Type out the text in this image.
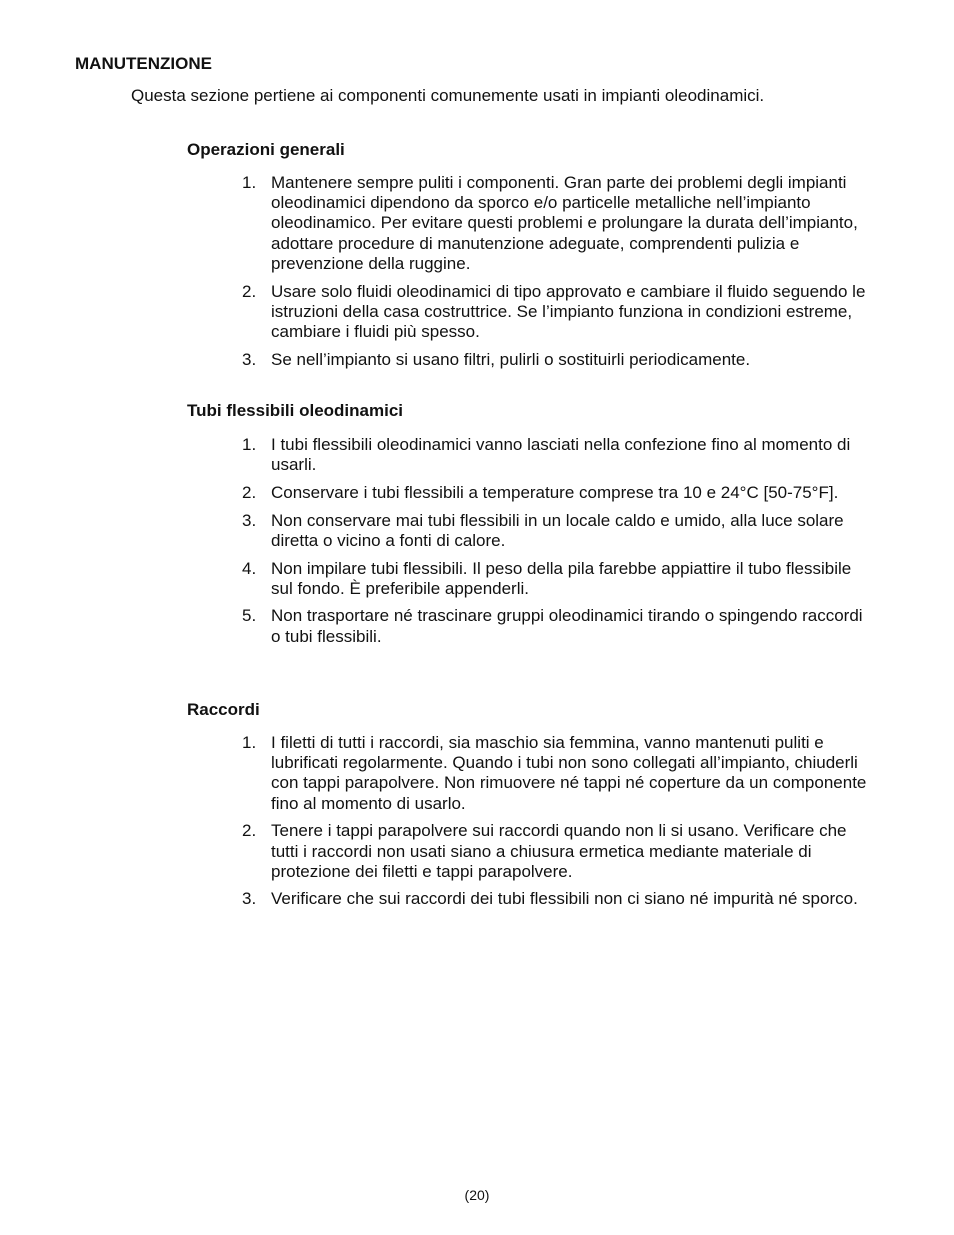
MANUTENZIONE

Questa sezione pertiene ai componenti comunemente usati in impianti oleodinamici.

Operazioni generali
1. Mantenere sempre puliti i componenti. Gran parte dei problemi degli impianti oleodinamici dipendono da sporco e/o particelle metalliche nell’impianto oleodinamico. Per evitare questi problemi e prolungare la durata dell’impianto, adottare procedure di manutenzione adeguate, comprendenti pulizia e prevenzione della ruggine.
2. Usare solo fluidi oleodinamici di tipo approvato e cambiare il fluido seguendo le istruzioni della casa costruttrice. Se l’impianto funziona in condizioni estreme, cambiare i fluidi più spesso.
3. Se nell’impianto si usano filtri, pulirli o sostituirli periodicamente.
Tubi flessibili oleodinamici
1. I tubi flessibili oleodinamici vanno lasciati nella confezione fino al momento di usarli.
2. Conservare i tubi flessibili a temperature comprese tra 10 e 24°C [50-75°F].
3. Non conservare mai tubi flessibili in un locale caldo e umido, alla luce solare diretta o vicino a fonti di calore.
4. Non impilare tubi flessibili. Il peso della pila farebbe appiattire il tubo flessibile sul fondo. È preferibile appenderli.
5. Non trasportare né trascinare gruppi oleodinamici tirando o spingendo raccordi o tubi flessibili.
Raccordi
1. I filetti di tutti i raccordi, sia maschio sia femmina, vanno mantenuti puliti e lubrificati regolarmente. Quando i tubi non sono collegati all’impianto, chiuderli con tappi parapolvere. Non rimuovere né tappi né coperture da un componente fino al momento di usarlo.
2. Tenere i tappi parapolvere sui raccordi quando non li si usano. Verificare che tutti i raccordi non usati siano a chiusura ermetica mediante materiale di protezione dei filetti e tappi parapolvere.
3. Verificare che sui raccordi dei tubi flessibili non ci siano né impurità né sporco.
(20)
